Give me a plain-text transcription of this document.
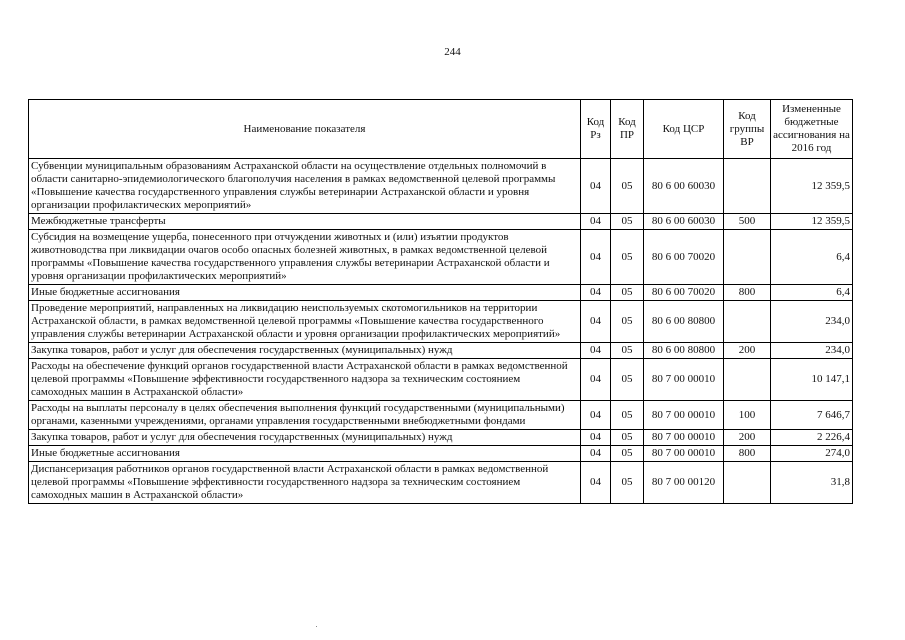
244
Наименование показателя	Код Рз	Код ПР	Код ЦСР	Код группы ВР	Измененные бюджетные ассигнования на 2016 год
Субвенции муниципальным образованиям Астраханской области на осуществление отдельных полномочий в области санитарно-эпидемиологического благополучия населения в рамках ведомственной целевой программы «Повышение качества государственного управления службы ветеринарии Астраханской области и уровня организации профилактических мероприятий»	04	05	80 6 00 60030		12 359,5
Межбюджетные трансферты	04	05	80 6 00 60030	500	12 359,5
Субсидия на возмещение ущерба, понесенного при отчуждении животных и (или) изъятии продуктов животноводства при ликвидации очагов особо опасных болезней животных, в рамках ведомственной целевой программы «Повышение качества государственного управления службы ветеринарии Астраханской области и уровня организации профилактических мероприятий»	04	05	80 6 00 70020		6,4
Иные бюджетные ассигнования	04	05	80 6 00 70020	800	6,4
Проведение мероприятий, направленных на ликвидацию неиспользуемых скотомогильников на территории Астраханской области, в рамках ведомственной целевой программы «Повышение качества государственного управления службы ветеринарии Астраханской области и уровня организации профилактических мероприятий»	04	05	80 6 00 80800		234,0
Закупка товаров, работ и услуг для обеспечения государственных (муниципальных) нужд	04	05	80 6 00 80800	200	234,0
Расходы на обеспечение функций органов государственной власти Астраханской области в рамках ведомственной целевой программы «Повышение эффективности государственного надзора за техническим состоянием самоходных машин в Астраханской области»	04	05	80 7 00 00010		10 147,1
Расходы на выплаты персоналу в целях обеспечения выполнения функций государственными (муниципальными) органами, казенными учреждениями, органами управления государственными внебюджетными фондами	04	05	80 7 00 00010	100	7 646,7
Закупка товаров, работ и услуг для обеспечения государственных (муниципальных) нужд	04	05	80 7 00 00010	200	2 226,4
Иные бюджетные ассигнования	04	05	80 7 00 00010	800	274,0
Диспансеризация работников органов государственной власти Астраханской области в рамках ведомственной целевой программы «Повышение эффективности государственного надзора за техническим состоянием самоходных машин в Астраханской области»	04	05	80 7 00 00120		31,8
